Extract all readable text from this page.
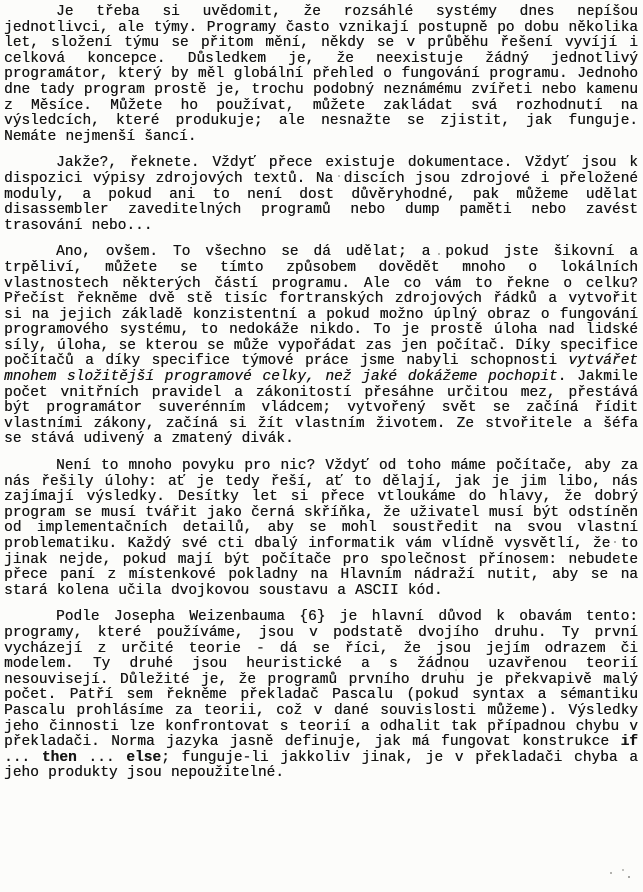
Je třeba si uvědomit, že rozsáhlé systémy dnes nepíšou jednotlivci, ale týmy. Programy často vznikají postupně po dobu několika let, složení týmu se přitom mění, někdy se v průběhu řešení vyvíjí i celková koncepce. Důsledkem je, že neexistuje žádný jednotlivý programátor, který by měl globální přehled o fungování programu. Jednoho dne tady program prostě je, trochu podobný neznámému zvířeti nebo kamenu z Měsíce. Můžete ho používat, můžete zakládat svá rozhodnutí na výsledcích, které produkuje; ale nesnažte se zjistit, jak funguje. Nemáte nejmenší šancí.

Jakže?, řeknete. Vždyť přece existuje dokumentace. Vždyť jsou k dispozici výpisy zdrojových textů. Na discích jsou zdrojové i přeložené moduly, a pokud ani to není dost důvěryhodné, pak můžeme udělat disassembler zaveditelných programů nebo dump paměti nebo zavést trasování nebo...

Ano, ovšem. To všechno se dá udělat; a pokud jste šikovní a trpěliví, můžete se tímto způsobem dovědět mnoho o lokálních vlastnostech některých částí programu. Ale co vám to řekne o celku? Přečíst řekněme dvě stě tisíc fortranských zdrojových řádků a vytvořit si na jejich základě konzistentní a pokud možno úplný obraz o fungování programového systému, to nedokáže nikdo. To je prostě úloha nad lidské síly, úloha, se kterou se může vypořádat zas jen počítač. Díky specifice počítačů a díky specifice týmové práce jsme nabyli schopnosti vytvářet mnohem složitější programové celky, než jaké dokážeme pochopit. Jakmile počet vnitřních pravidel a zákonitostí přesáhne určitou mez, přestává být programátor suverénním vládcem; vytvořený svět se začíná řídit vlastními zákony, začíná si žít vlastním životem. Ze stvořitele a šéfa se stává udivený a zmatený divák.

Není to mnoho povyku pro nic? Vždyť od toho máme počítače, aby za nás řešily úlohy: ať je tedy řeší, ať to dělají, jak je jim libo, nás zajímají výsledky. Desítky let si přece vtloukáme do hlavy, že dobrý program se musí tvářit jako černá skříňka, že uživatel musí být odstíněn od implementačních detailů, aby se mohl soustředit na svou vlastní problematiku. Každý své cti dbalý informatik vám vlídně vysvětlí, že to jinak nejde, pokud mají být počítače pro společnost přínosem: nebudete přece paní z místenkové pokladny na Hlavním nádraží nutit, aby se na stará kolena učila dvojkovou soustavu a ASCII kód.

Podle Josepha Weizenbauma {6} je hlavní důvod k obavám tento: programy, které používáme, jsou v podstatě dvojího druhu. Ty první vycházejí z určité teorie - dá se říci, že jsou jejím odrazem či modelem. Ty druhé jsou heuristické a s žádnou uzavřenou teorií nesouvisejí. Důležité je, že programů prvního druhu je překvapivě malý počet. Patří sem řekněme překladač Pascalu (pokud syntax a sémantiku Pascalu prohlásíme za teorii, což v dané souvislosti můžeme). Výsledky jeho činnosti lze konfrontovat s teorií a odhalit tak případnou chybu v překladači. Norma jazyka jasně definuje, jak má fungovat konstrukce if ... then ... else; funguje-li jakkoliv jinak, je v překladači chyba a jeho produkty jsou nepoužitelné.
